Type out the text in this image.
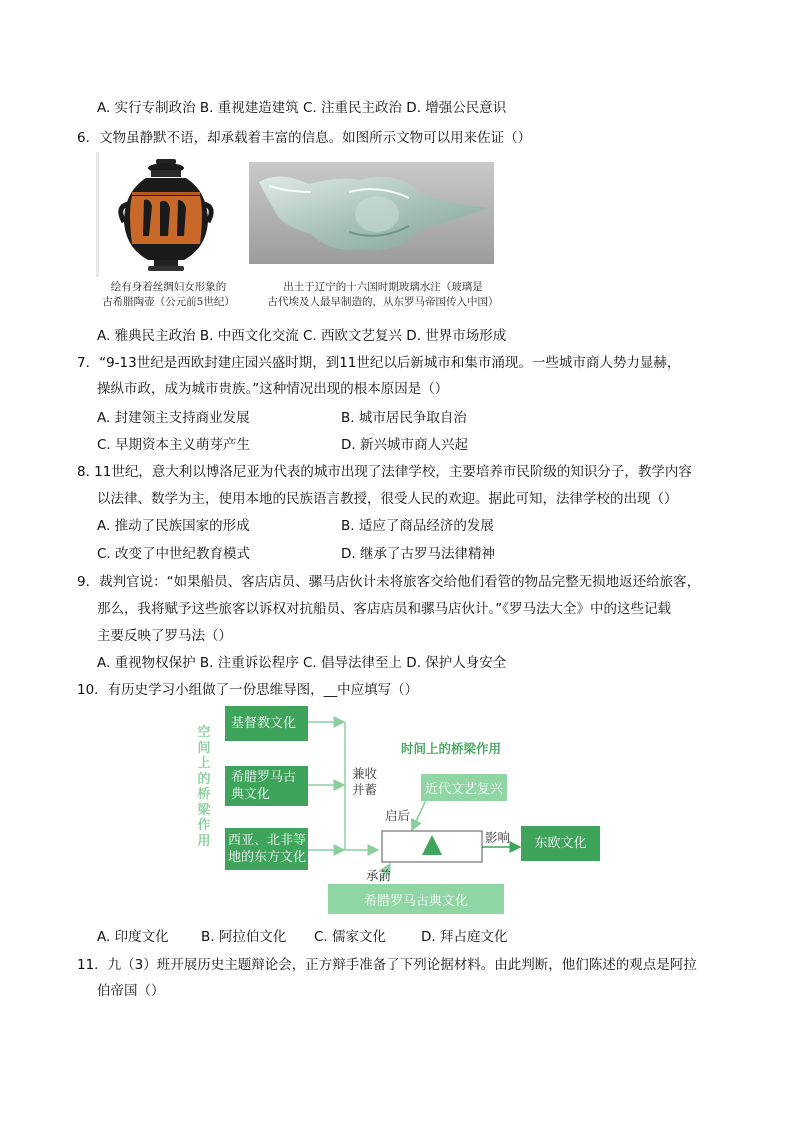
A. 实行专制政治 B. 重视建造建筑 C. 注重民主政治 D. 增强公民意识
6．文物虽静默不语，却承载着丰富的信息。如图所示文物可以用来佐证（）
绘有身着丝绸妇女形象的
古希腊陶壶（公元前5世纪）
出土于辽宁的十六国时期玻璃水注（玻璃是
古代埃及人最早制造的，从东罗马帝国传入中国）
A. 雅典民主政治 B. 中西文化交流 C. 西欧文艺复兴 D. 世界市场形成
7．“9-13世纪是西欧封建庄园兴盛时期，到11世纪以后新城市和集市涌现。一些城市商人势力显赫，
操纵市政，成为城市贵族。”这种情况出现的根本原因是（）
A. 封建领主支持商业发展	B. 城市居民争取自治
C. 早期资本主义萌芽产生	D. 新兴城市商人兴起
8. 11世纪，意大利以博洛尼亚为代表的城市出现了法律学校，主要培养市民阶级的知识分子，教学内容
以法律、数学为主，使用本地的民族语言教授，很受人民的欢迎。据此可知，法律学校的出现（）
A. 推动了民族国家的形成	B. 适应了商品经济的发展
C. 改变了中世纪教育模式	D. 继承了古罗马法律精神
9．裁判官说：“如果船员、客店店员、骡马店伙计未将旅客交给他们看管的物品完整无损地返还给旅客，
那么，我将赋予这些旅客以诉权对抗船员、客店店员和骡马店伙计。”《罗马法大全》中的这些记载
主要反映了罗马法（）
A. 重视物权保护 B. 注重诉讼程序 C. 倡导法律至上 D. 保护人身安全
10．有历史学习小组做了一份思维导图，__中应填写（）
基督教文化
希腊罗马古
典文化
西亚、北非等
地的东方文化
空间上的桥梁作用
兼收
并蓄
时间上的桥梁作用
近代文艺复兴
启后
影响	东欧文化
承前
希腊罗马古典文化
A. 印度文化 B. 阿拉伯文化 C. 儒家文化	D. 拜占庭文化
11．九（3）班开展历史主题辩论会，正方辩手准备了下列论据材料。由此判断，他们陈述的观点是阿拉
伯帝国（）
